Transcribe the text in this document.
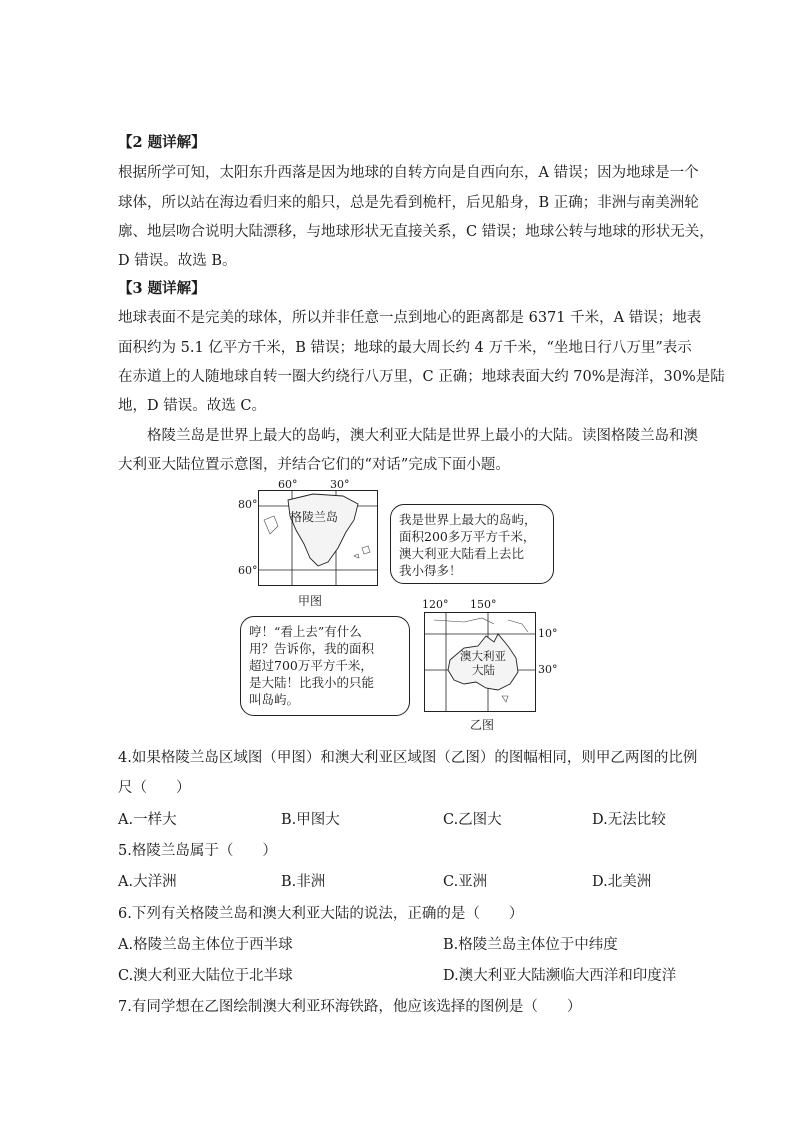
【2 题详解】
根据所学可知，太阳东升西落是因为地球的自转方向是自西向东，A 错误；因为地球是一个
球体，所以站在海边看归来的船只，总是先看到桅杆，后见船身，B 正确；非洲与南美洲轮
廓、地层吻合说明大陆漂移，与地球形状无直接关系，C 错误；地球公转与地球的形状无关，
D 错误。故选 B。
【3 题详解】
地球表面不是完美的球体，所以并非任意一点到地心的距离都是 6371 千米，A 错误；地表
面积约为 5.1 亿平方千米，B 错误；地球的最大周长约 4 万千米，“坐地日行八万里”表示
在赤道上的人随地球自转一圈大约绕行八万里，C 正确；地球表面大约 70%是海洋，30%是陆
地，D 错误。故选 C。
格陵兰岛是世界上最大的岛屿，澳大利亚大陆是世界上最小的大陆。读图格陵兰岛和澳
大利亚大陆位置示意图，并结合它们的“对话”完成下面小题。
60°	30°
80°
60°
格陵兰岛
甲图
我是世界上最大的岛屿，
面积200多万平方千米，
澳大利亚大陆看上去比
我小得多！
哼！“看上去”有什么
用？告诉你，我的面积
超过700万平方千米，
是大陆！比我小的只能
叫岛屿。
120° 150°
10°
30°
澳大利亚
大陆
乙图
4.如果格陵兰岛区域图（甲图）和澳大利亚区域图（乙图）的图幅相同，则甲乙两图的比例
尺（　　）
A.一样大	B.甲图大	C.乙图大	D.无法比较
5.格陵兰岛属于（　　）
A.大洋洲	B.非洲	C.亚洲	D.北美洲
6.下列有关格陵兰岛和澳大利亚大陆的说法，正确的是（　　）
A.格陵兰岛主体位于西半球	B.格陵兰岛主体位于中纬度
C.澳大利亚大陆位于北半球	D.澳大利亚大陆濒临大西洋和印度洋
7.有同学想在乙图绘制澳大利亚环海铁路，他应该选择的图例是（　　）
